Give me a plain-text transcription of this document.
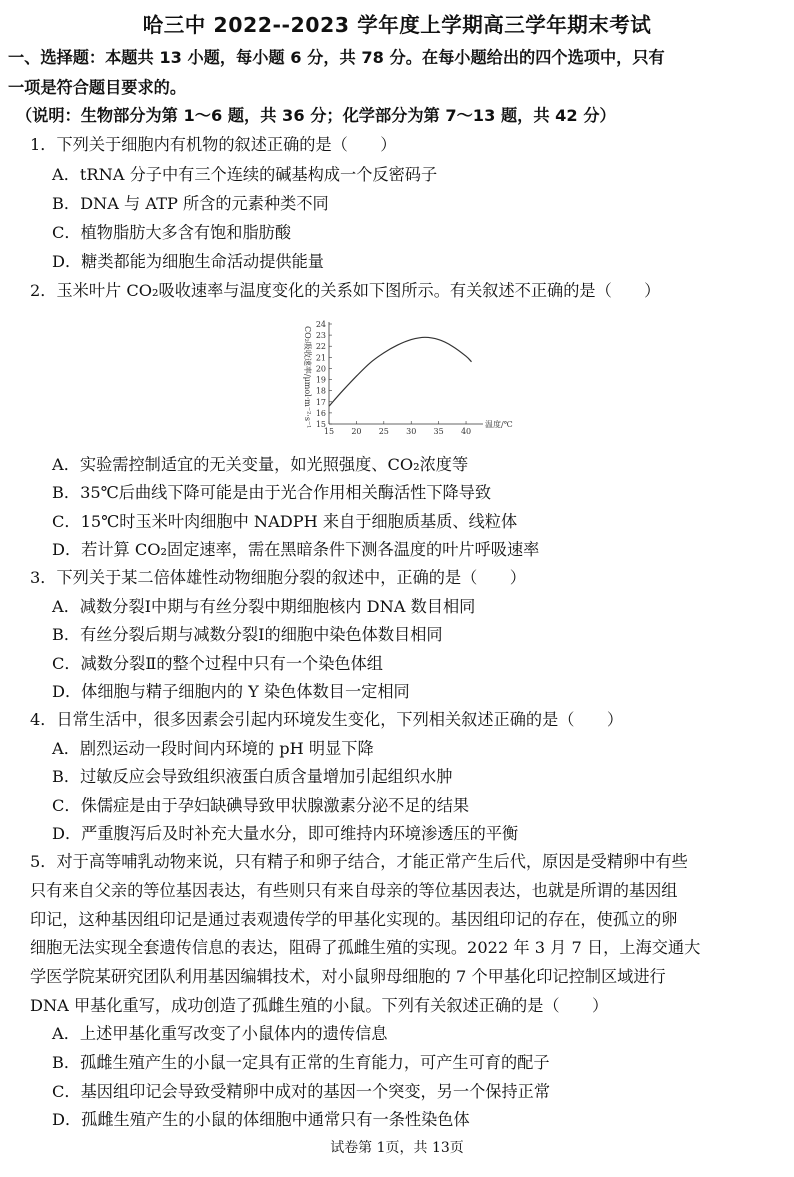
哈三中 2022--2023 学年度上学期高三学年期末考试
一、选择题：本题共 13 小题，每小题 6 分，共 78 分。在每小题给出的四个选项中，只有
一项是符合题目要求的。
（说明：生物部分为第 1～6 题，共 36 分；化学部分为第 7～13 题，共 42 分）
1．下列关于细胞内有机物的叙述正确的是（　　）
A．tRNA 分子中有三个连续的碱基构成一个反密码子
B．DNA 与 ATP 所含的元素种类不同
C．植物脂肪大多含有饱和脂肪酸
D．糖类都能为细胞生命活动提供能量
2．玉米叶片 CO₂吸收速率与温度变化的关系如下图所示。有关叙述不正确的是（　　）
15
16
17
18
19
20
21
22
23
24
15 20 25 30 35 40
温度/℃
CO₂吸收速率/μmol·m⁻²·s⁻¹
A．实验需控制适宜的无关变量，如光照强度、CO₂浓度等
B．35℃后曲线下降可能是由于光合作用相关酶活性下降导致
C．15℃时玉米叶肉细胞中 NADPH 来自于细胞质基质、线粒体
D．若计算 CO₂固定速率，需在黑暗条件下测各温度的叶片呼吸速率
3．下列关于某二倍体雄性动物细胞分裂的叙述中，正确的是（　　）
A．减数分裂Ⅰ中期与有丝分裂中期细胞核内 DNA 数目相同
B．有丝分裂后期与减数分裂Ⅰ的细胞中染色体数目相同
C．减数分裂Ⅱ的整个过程中只有一个染色体组
D．体细胞与精子细胞内的 Y 染色体数目一定相同
4．日常生活中，很多因素会引起内环境发生变化，下列相关叙述正确的是（　　）
A．剧烈运动一段时间内环境的 pH 明显下降
B．过敏反应会导致组织液蛋白质含量增加引起组织水肿
C．侏儒症是由于孕妇缺碘导致甲状腺激素分泌不足的结果
D．严重腹泻后及时补充大量水分，即可维持内环境渗透压的平衡
5．对于高等哺乳动物来说，只有精子和卵子结合，才能正常产生后代，原因是受精卵中有些
只有来自父亲的等位基因表达，有些则只有来自母亲的等位基因表达，也就是所谓的基因组
印记，这种基因组印记是通过表观遗传学的甲基化实现的。基因组印记的存在，使孤立的卵
细胞无法实现全套遗传信息的表达，阻碍了孤雌生殖的实现。2022 年 3 月 7 日，上海交通大
学医学院某研究团队利用基因编辑技术，对小鼠卵母细胞的 7 个甲基化印记控制区域进行
DNA 甲基化重写，成功创造了孤雌生殖的小鼠。下列有关叙述正确的是（　　）
A．上述甲基化重写改变了小鼠体内的遗传信息
B．孤雌生殖产生的小鼠一定具有正常的生育能力，可产生可育的配子
C．基因组印记会导致受精卵中成对的基因一个突变，另一个保持正常
D．孤雌生殖产生的小鼠的体细胞中通常只有一条性染色体
试卷第 1页，共 13页
